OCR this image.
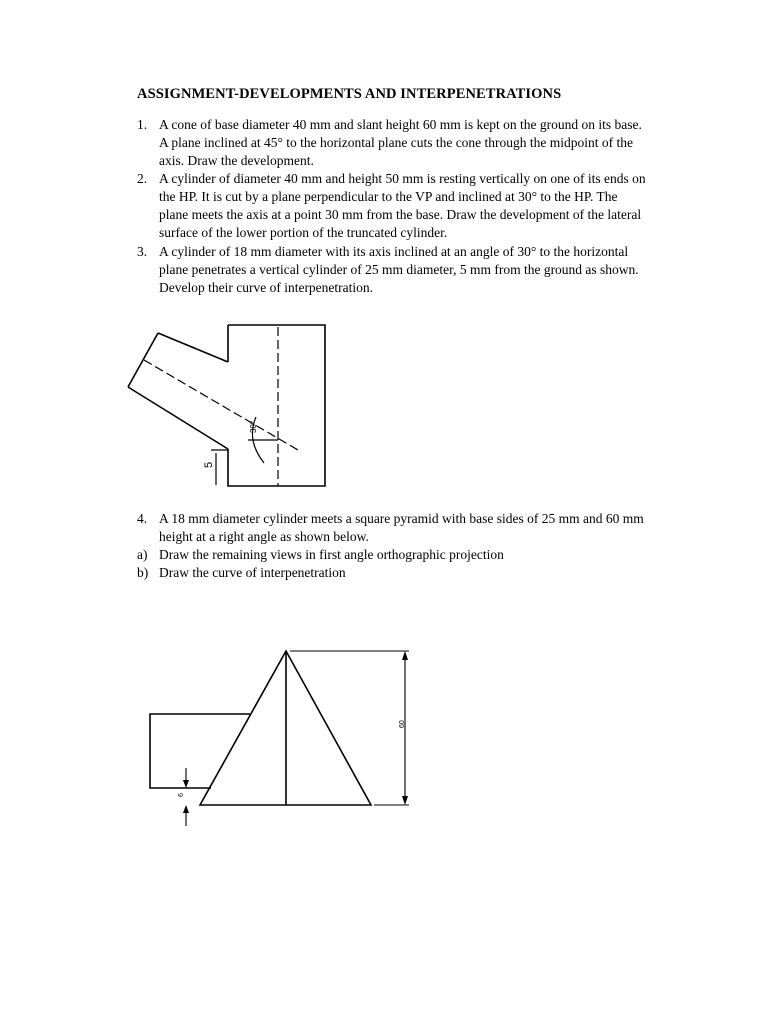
ASSIGNMENT-DEVELOPMENTS AND INTERPENETRATIONS
1. A cone of base diameter 40 mm and slant height 60 mm is kept on the ground on its base. A plane inclined at 45° to the horizontal plane cuts the cone through the midpoint of the axis. Draw the development.
2. A cylinder of diameter 40 mm and height 50 mm is resting vertically on one of its ends on the HP. It is cut by a plane perpendicular to the VP and inclined at 30° to the HP. The plane meets the axis at a point 30 mm from the base. Draw the development of the lateral surface of the lower portion of the truncated cylinder.
3. A cylinder of 18 mm diameter with its axis inclined at an angle of 30° to the horizontal plane penetrates a vertical cylinder of 25 mm diameter, 5 mm from the ground as shown. Develop their curve of interpenetration.
30°
5
4. A 18 mm diameter cylinder meets a square pyramid with base sides of 25 mm and 60 mm height at a right angle as shown below.
a) Draw the remaining views in first angle orthographic projection
b) Draw the curve of interpenetration
60
6
